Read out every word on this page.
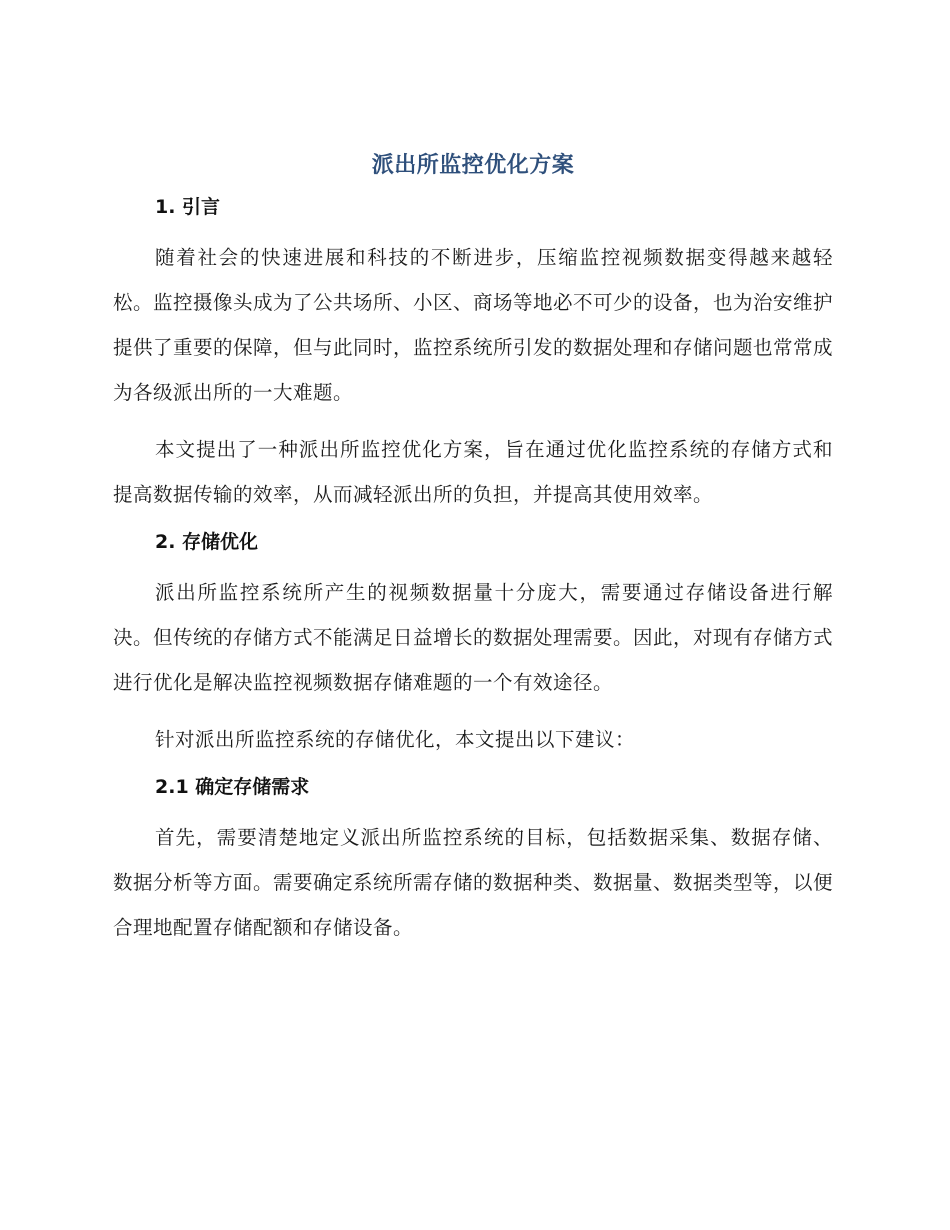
派出所监控优化方案
1. 引言

随着社会的快速进展和科技的不断进步，压缩监控视频数据变得越来越轻松。监控摄像头成为了公共场所、小区、商场等地必不可少的设备，也为治安维护提供了重要的保障，但与此同时，监控系统所引发的数据处理和存储问题也常常成为各级派出所的一大难题。

本文提出了一种派出所监控优化方案，旨在通过优化监控系统的存储方式和提高数据传输的效率，从而减轻派出所的负担，并提高其使用效率。

2. 存储优化

派出所监控系统所产生的视频数据量十分庞大，需要通过存储设备进行解决。但传统的存储方式不能满足日益增长的数据处理需要。因此，对现有存储方式进行优化是解决监控视频数据存储难题的一个有效途径。

针对派出所监控系统的存储优化，本文提出以下建议：

2.1 确定存储需求

首先，需要清楚地定义派出所监控系统的目标，包括数据采集、数据存储、数据分析等方面。需要确定系统所需存储的数据种类、数据量、数据类型等，以便合理地配置存储配额和存储设备。
